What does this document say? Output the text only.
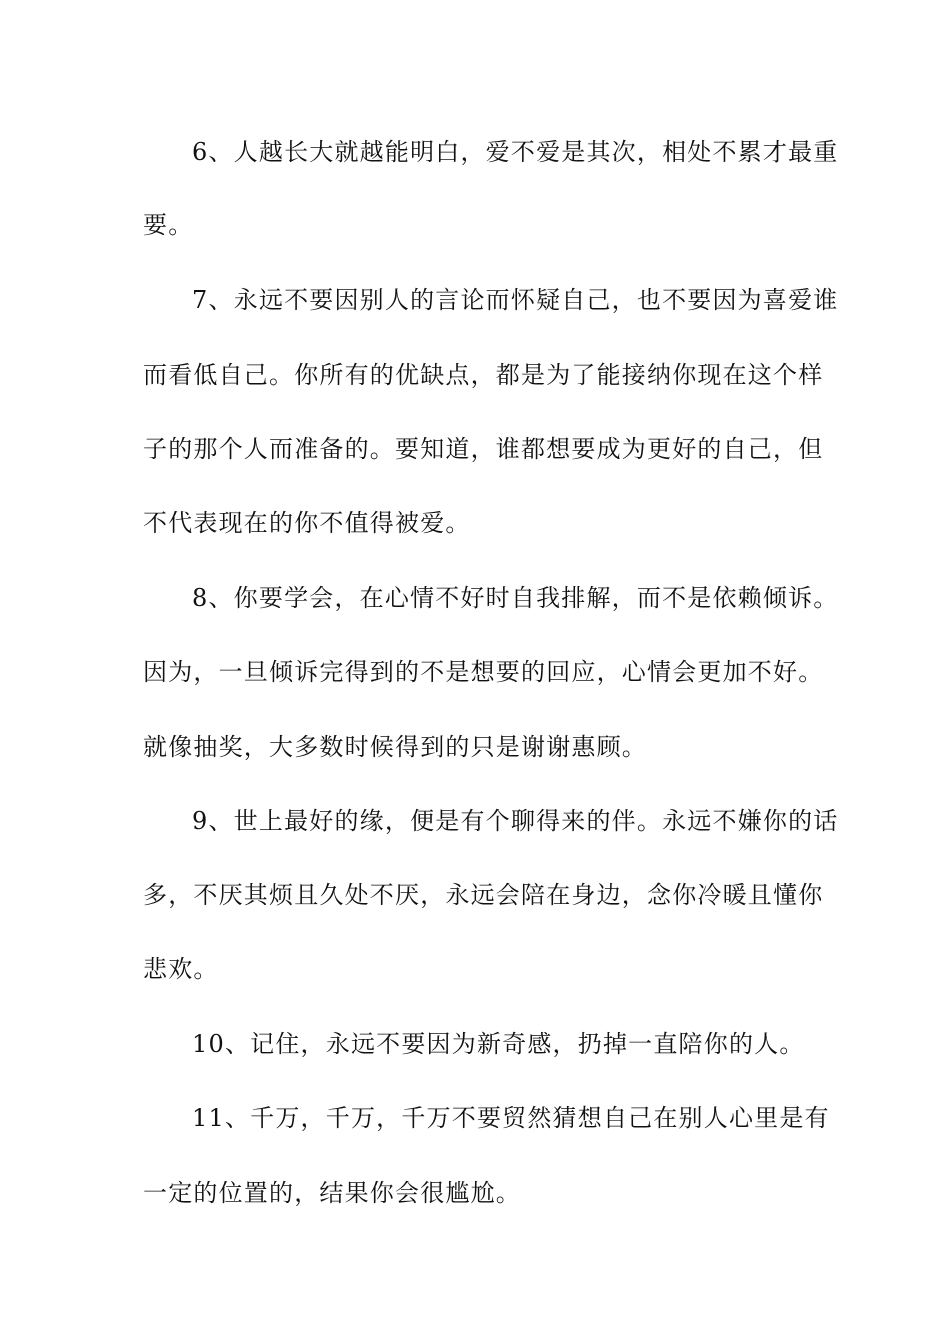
6、人越长大就越能明白，爱不爱是其次，相处不累才最重
要。
7、永远不要因别人的言论而怀疑自己，也不要因为喜爱谁
而看低自己。你所有的优缺点，都是为了能接纳你现在这个样
子的那个人而准备的。要知道，谁都想要成为更好的自己，但
不代表现在的你不值得被爱。
8、你要学会，在心情不好时自我排解，而不是依赖倾诉。
因为，一旦倾诉完得到的不是想要的回应，心情会更加不好。
就像抽奖，大多数时候得到的只是谢谢惠顾。
9、世上最好的缘，便是有个聊得来的伴。永远不嫌你的话
多，不厌其烦且久处不厌，永远会陪在身边，念你冷暖且懂你
悲欢。
10、记住，永远不要因为新奇感，扔掉一直陪你的人。
11、千万，千万，千万不要贸然猜想自己在别人心里是有
一定的位置的，结果你会很尴尬。
